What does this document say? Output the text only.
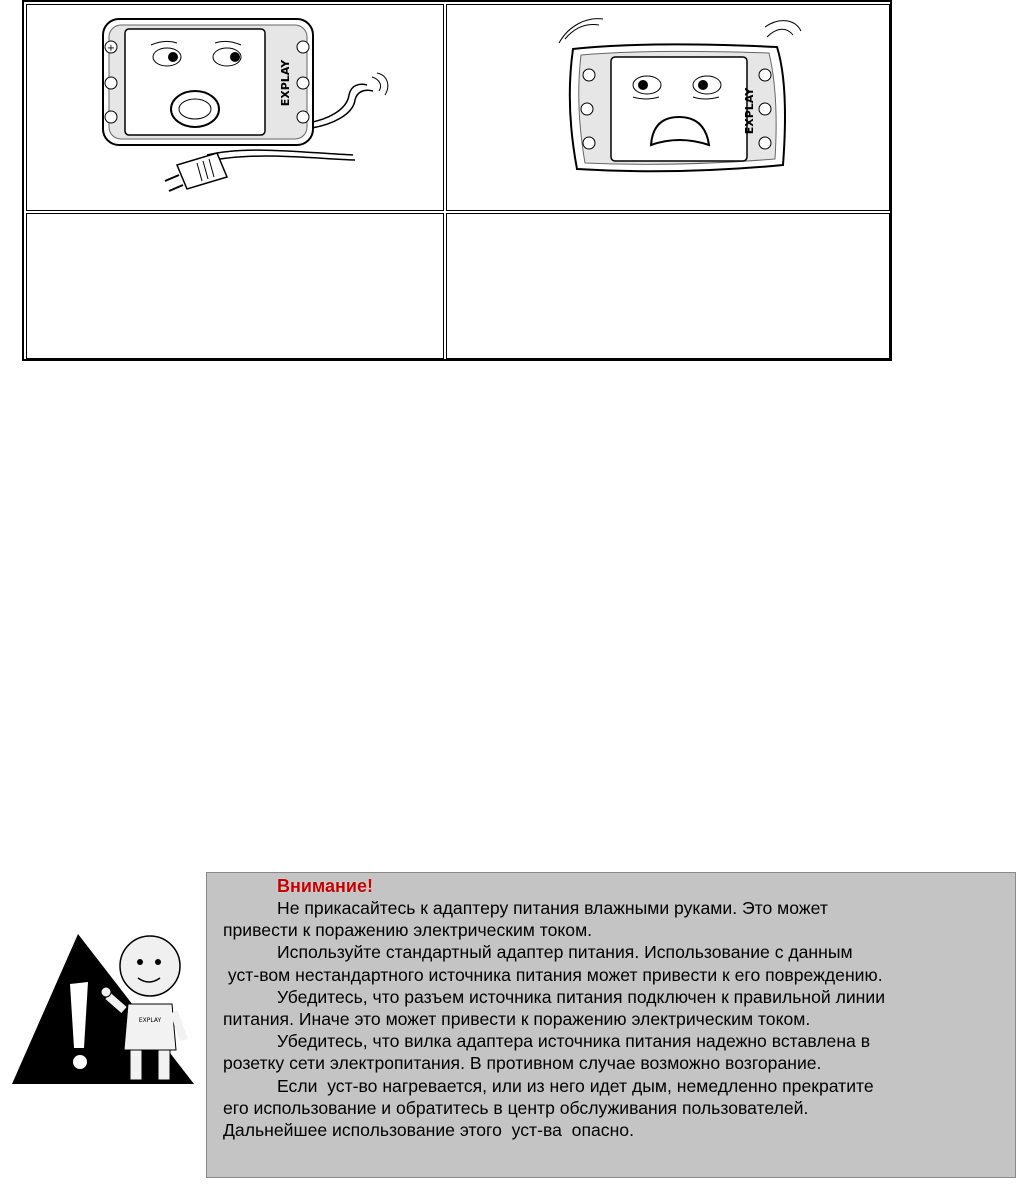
+
EXPLAY
EXPLAY
EXPLAY
Внимание!

Не прикасайтесь к адаптеру питания влажными руками. Это может
привести к поражению электрическим током.

Используйте стандартный адаптер питания. Использование с данным
уст-вом нестандартного источника питания может привести к его повреждению.

Убедитесь, что разъем источника питания подключен к правильной линии
питания. Иначе это может привести к поражению электрическим током.

Убедитесь, что вилка адаптера источника питания надежно вставлена в
розетку сети электропитания. В противном случае возможно возгорание.

Если  уст-во нагревается, или из него идет дым, немедленно прекратите
его использование и обратитесь в центр обслуживания пользователей.
Дальнейшее использование этого  уст-ва  опасно.
